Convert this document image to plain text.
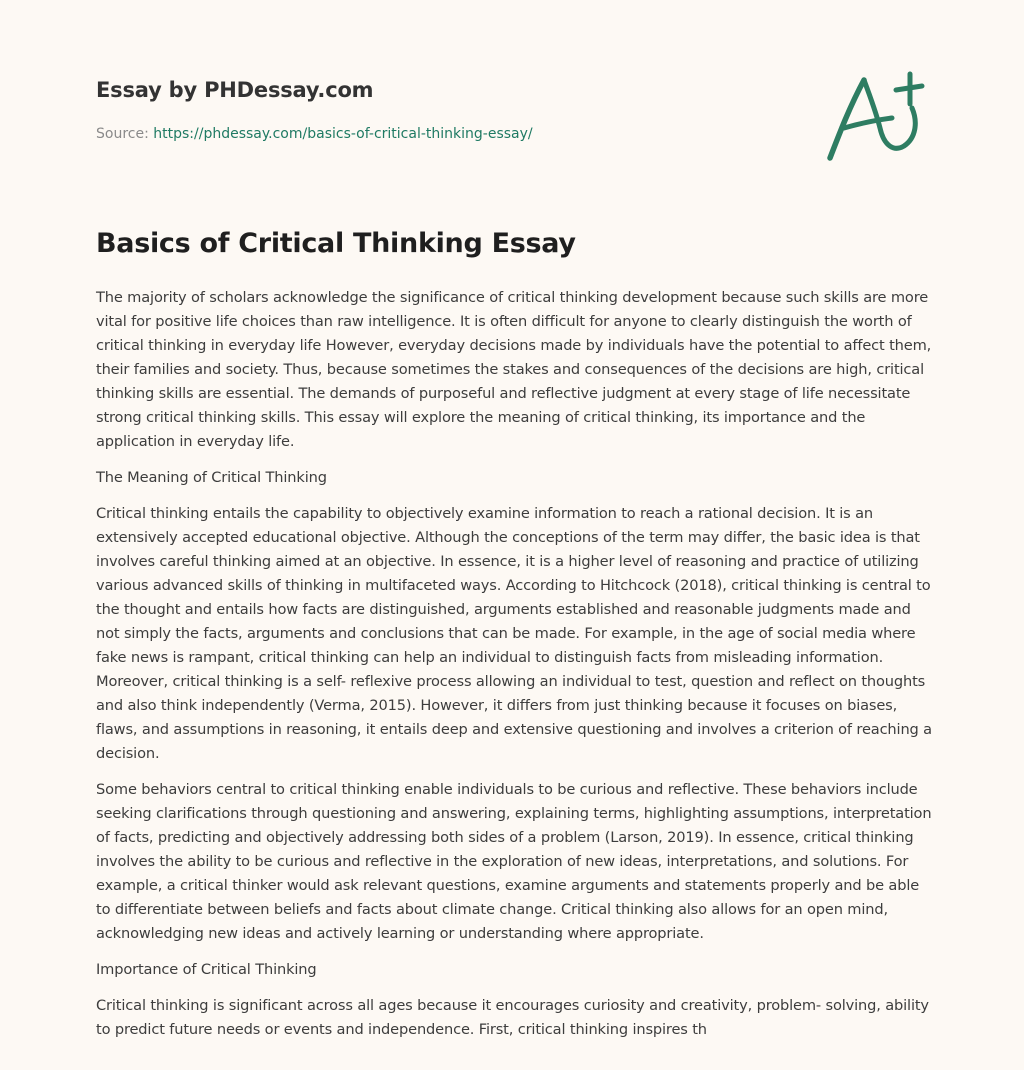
Essay by PHDessay.com
Source: https://phdessay.com/basics-of-critical-thinking-essay/
Basics of Critical Thinking Essay

The majority of scholars acknowledge the significance of critical thinking development because such skills are more vital for positive life choices than raw intelligence. It is often difficult for anyone to clearly distinguish the worth of critical thinking in everyday life However, everyday decisions made by individuals have the potential to affect them, their families and society. Thus, because sometimes the stakes and consequences of the decisions are high, critical thinking skills are essential. The demands of purposeful and reflective judgment at every stage of life necessitate strong critical thinking skills. This essay will explore the meaning of critical thinking, its importance and the application in everyday life.

The Meaning of Critical Thinking

Critical thinking entails the capability to objectively examine information to reach a rational decision. It is an extensively accepted educational objective. Although the conceptions of the term may differ, the basic idea is that involves careful thinking aimed at an objective. In essence, it is a higher level of reasoning and practice of utilizing various advanced skills of thinking in multifaceted ways. According to Hitchcock (2018), critical thinking is central to the thought and entails how facts are distinguished, arguments established and reasonable judgments made and not simply the facts, arguments and conclusions that can be made. For example, in the age of social media where fake news is rampant, critical thinking can help an individual to distinguish facts from misleading information. Moreover, critical thinking is a self- reflexive process allowing an individual to test, question and reflect on thoughts and also think independently (Verma, 2015). However, it differs from just thinking because it focuses on biases, flaws, and assumptions in reasoning, it entails deep and extensive questioning and involves a criterion of reaching a decision.

Some behaviors central to critical thinking enable individuals to be curious and reflective. These behaviors include seeking clarifications through questioning and answering, explaining terms, highlighting assumptions, interpretation of facts, predicting and objectively addressing both sides of a problem (Larson, 2019). In essence, critical thinking involves the ability to be curious and reflective in the exploration of new ideas, interpretations, and solutions. For example, a critical thinker would ask relevant questions, examine arguments and statements properly and be able to differentiate between beliefs and facts about climate change. Critical thinking also allows for an open mind, acknowledging new ideas and actively learning or understanding where appropriate.

Importance of Critical Thinking

Critical thinking is significant across all ages because it encourages curiosity and creativity, problem- solving, ability to predict future needs or events and independence. First, critical thinking inspires th
